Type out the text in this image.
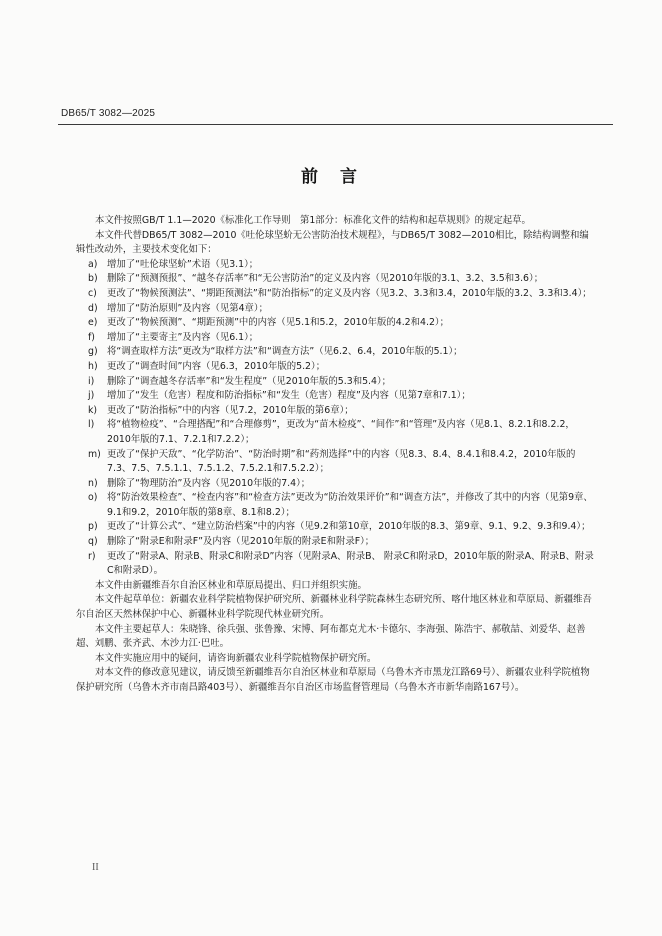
DB65/T 3082—2025
前言

本文件按照GB/T 1.1—2020《标准化工作导则　第1部分：标准化文件的结构和起草规则》的规定起草。

本文件代替DB65/T 3082—2010《吐伦球坚蚧无公害防治技术规程》，与DB65/T 3082—2010相比，除结构调整和编辑性改动外，主要技术变化如下：

a)	增加了“吐伦球坚蚧”术语（见3.1）；
b) 删除了“预测预报”、“越冬存活率”和“无公害防治”的定义及内容（见2010年版的3.1、3.2、3.5和3.6）；
c)	更改了“物候预测法”、“期距预测法”和“防治指标”的定义及内容（见3.2、3.3和3.4，2010年版的3.2、3.3和3.4）；
d) 增加了“防治原则”及内容（见第4章）；
e)	更改了“物候预测”、“期距预测”中的内容（见5.1和5.2，2010年版的4.2和4.2）；
f)	增加了“主要寄主”及内容（见6.1）；
g) 将“调查取样方法”更改为“取样方法”和“调查方法”（见6.2、6.4，2010年版的5.1）；
h) 更改了“调查时间”内容（见6.3，2010年版的5.2）；
i)	删除了“调查越冬存活率”和“发生程度”（见2010年版的5.3和5.4）；
j)	增加了“发生（危害）程度和防治指标”和“发生（危害）程度”及内容（见第7章和7.1）；
k)	更改了“防治指标”中的内容（见7.2，2010年版的第6章）；
l)	将“植物检疫”、“合理搭配”和“合理修剪”，更改为“苗木检疫”、“间作”和“管理”及内容（见8.1、8.2.1和8.2.2，2010年版的7.1、7.2.1和7.2.2）；
m) 更改了“保护天敌”、“化学防治”、“防治时期”和“药剂选择”中的内容（见8.3、8.4、8.4.1和8.4.2，2010年版的7.3、7.5、7.5.1.1、7.5.1.2、7.5.2.1和7.5.2.2）；
n) 删除了“物理防治”及内容（见2010年版的7.4）；
o)	将“防治效果检查”、“检查内容”和“检查方法”更改为“防治效果评价”和“调查方法”，并修改了其中的内容（见第9章、9.1和9.2，2010年版的第8章、8.1和8.2）；
p) 更改了“计算公式”、“建立防治档案”中的内容（见9.2和第10章，2010年版的8.3、第9章、9.1、9.2、9.3和9.4）；
q) 删除了“附录E和附录F”及内容（见2010年版的附录E和附录F）；
r)	更改了“附录A、附录B、附录C和附录D”内容（见附录A、附录B、 附录C和附录D，2010年版的附录A、附录B、附录C和附录D）。

本文件由新疆维吾尔自治区林业和草原局提出、归口并组织实施。

本文件起草单位：新疆农业科学院植物保护研究所、新疆林业科学院森林生态研究所、喀什地区林业和草原局、新疆维吾尔自治区天然林保护中心、新疆林业科学院现代林业研究所。

本文件主要起草人：朱晓锋、徐兵强、张鲁豫、宋博、阿布都克尤木·卡德尔、李海强、陈浩宇、郝敬喆、刘爱华、赵善超、刘鹏、张齐武、木沙力江·巴吐。

本文件实施应用中的疑问，请咨询新疆农业科学院植物保护研究所。

对本文件的修改意见建议，请反馈至新疆维吾尔自治区林业和草原局（乌鲁木齐市黑龙江路69号）、新疆农业科学院植物保护研究所（乌鲁木齐市南昌路403号）、新疆维吾尔自治区市场监督管理局（乌鲁木齐市新华南路167号）。

II
